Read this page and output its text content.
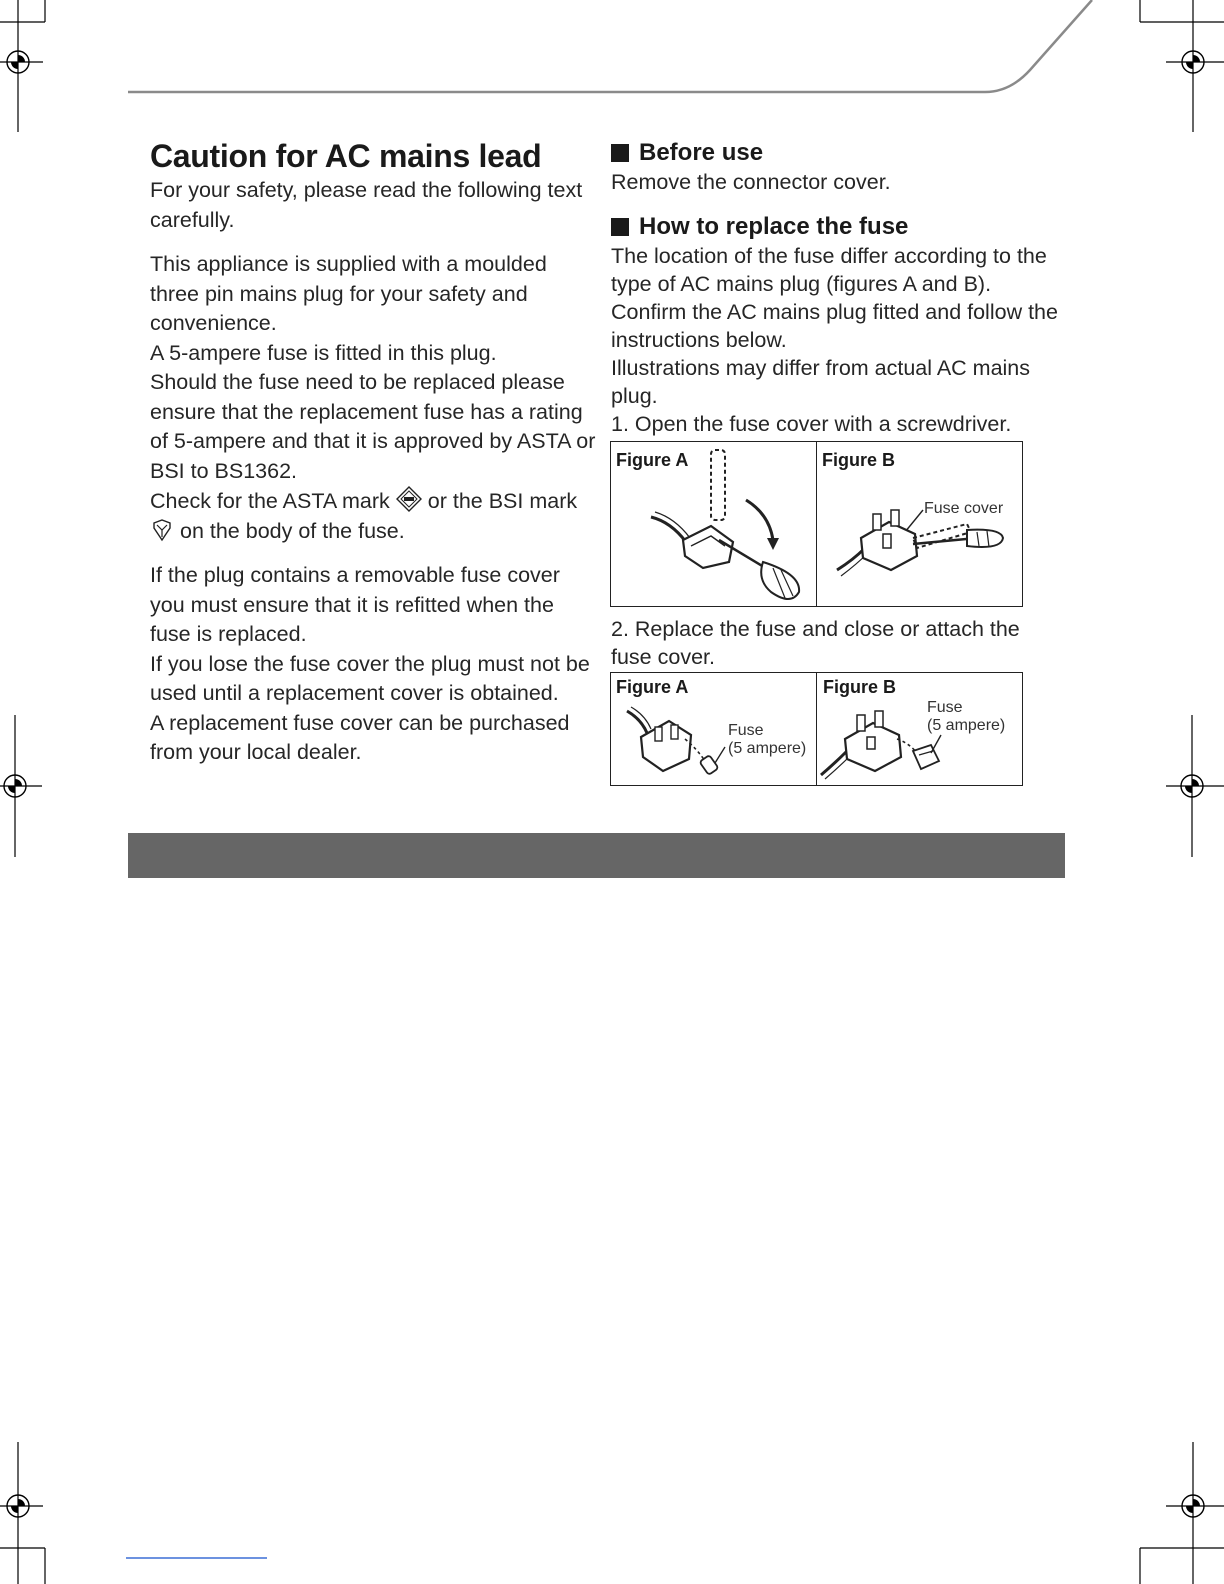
Caution for AC mains lead

For your safety, please read the following text carefully.

This appliance is supplied with a moulded three pin mains plug for your safety and convenience.

A 5-ampere fuse is fitted in this plug.

Should the fuse need to be replaced please ensure that the replacement fuse has a rating of 5-ampere and that it is approved by ASTA or BSI to BS1362.

Check for the ASTA mark or the BSI mark  on the body of the fuse.

If the plug contains a removable fuse cover you must ensure that it is refitted when the fuse is replaced.

If you lose the fuse cover the plug must not be used until a replacement cover is obtained.

A replacement fuse cover can be purchased from your local dealer.

Before use

Remove the connector cover.

How to replace the fuse

The location of the fuse differ according to the type of AC mains plug (figures A and B). Confirm the AC mains plug fitted and follow the instructions below.

Illustrations may differ from actual AC mains plug.

1. Open the fuse cover with a screwdriver.

Figure A	Figure B
Fuse cover
2. Replace the fuse and close or attach the fuse cover.
Figure A
Fuse
(5 ampere)
Figure B
Fuse
(5 ampere)
